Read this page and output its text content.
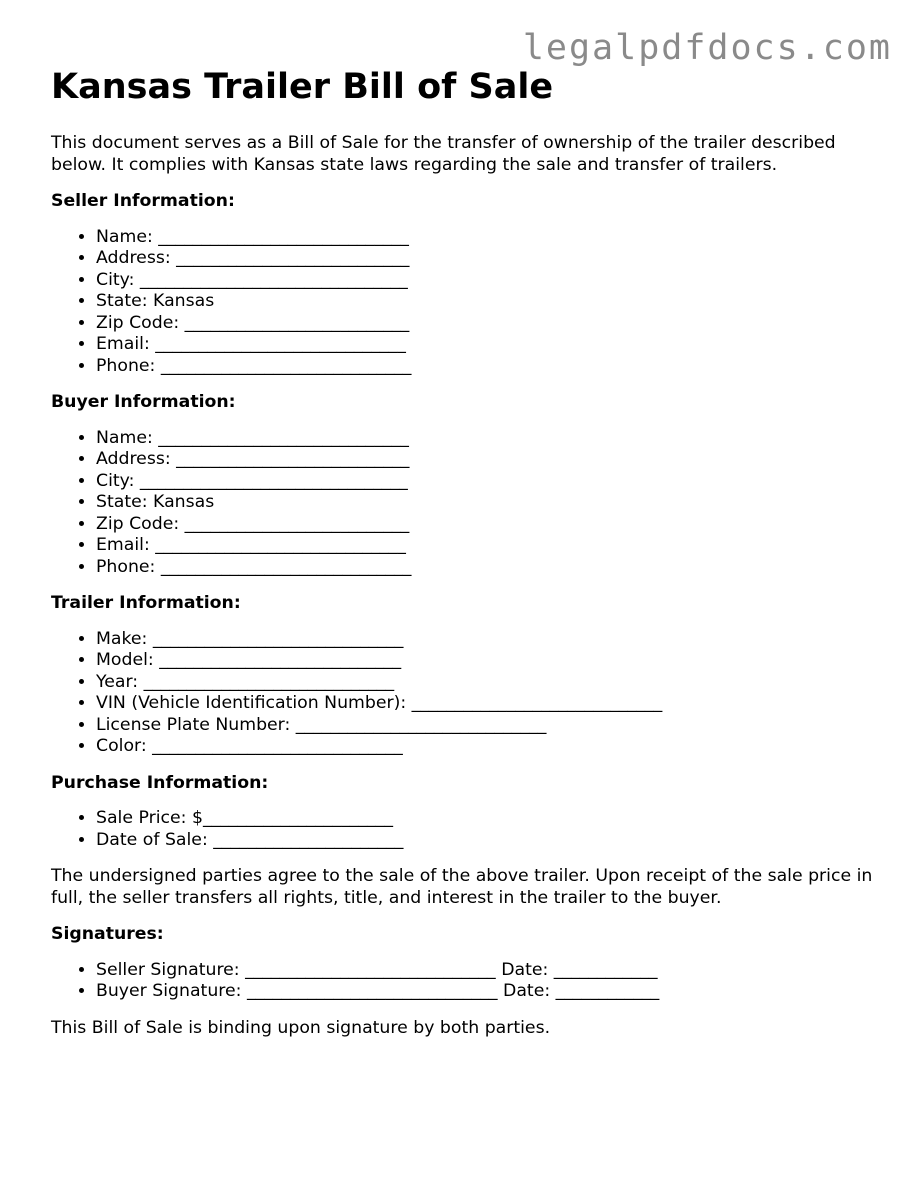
legalpdfdocs.com
Kansas Trailer Bill of Sale

This document serves as a Bill of Sale for the transfer of ownership of the trailer described below. It complies with Kansas state laws regarding the sale and transfer of trailers.

Seller Information:
• Name: _____________________________
• Address: ___________________________
• City: _______________________________
• State: Kansas
• Zip Code: __________________________
• Email: _____________________________
• Phone: _____________________________
Buyer Information:
• Name: _____________________________
• Address: ___________________________
• City: _______________________________
• State: Kansas
• Zip Code: __________________________
• Email: _____________________________
• Phone: _____________________________
Trailer Information:
• Make: _____________________________
• Model: ____________________________
• Year: _____________________________
• VIN (Vehicle Identification Number): _____________________________
• License Plate Number: _____________________________
• Color: _____________________________
Purchase Information:
• Sale Price: $______________________
• Date of Sale: ______________________

The undersigned parties agree to the sale of the above trailer. Upon receipt of the sale price in full, the seller transfers all rights, title, and interest in the trailer to the buyer.

Signatures:
• Seller Signature: _____________________________ Date: ____________
• Buyer Signature: _____________________________ Date: ____________

This Bill of Sale is binding upon signature by both parties.
